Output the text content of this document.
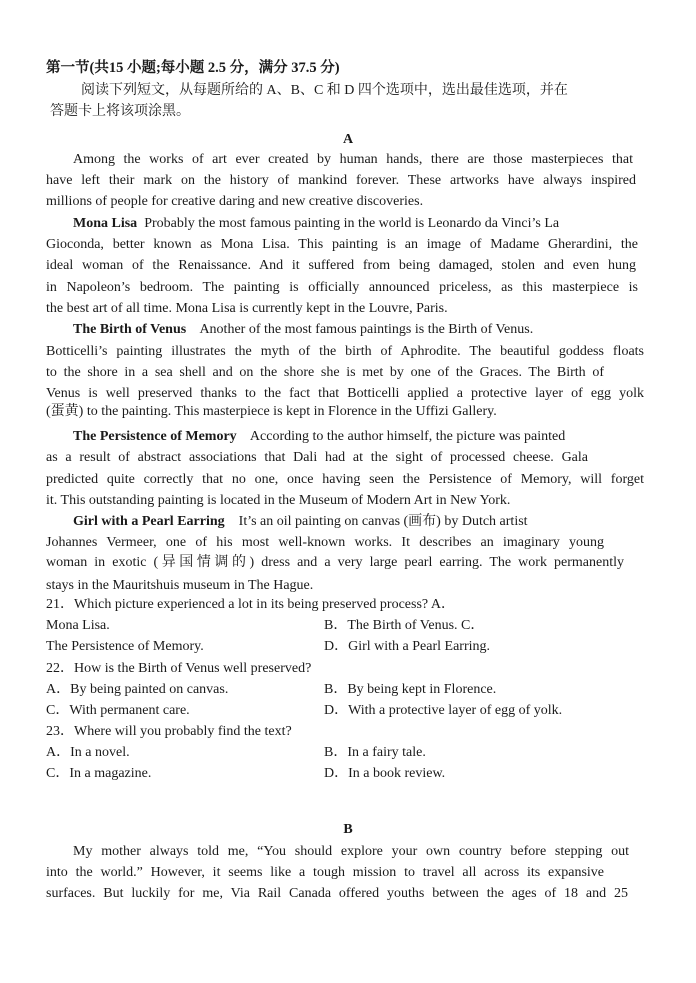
第一节(共15 小题;每小题 2.5 分，满分 37.5 分)
阅读下列短文，从每题所给的 A、B、C 和 D 四个选项中，选出最佳选项，并在
答题卡上将该项涂黑。
A
Among the works of art ever created by human hands, there are those masterpieces that
have left their mark on the history of mankind forever. These artworks have always inspired
millions of people for creative daring and new creative discoveries.
Mona Lisa Probably the most famous painting in the world is Leonardo da Vinci’s La
Gioconda, better known as Mona Lisa. This painting is an image of Madame Gherardini, the
ideal woman of the Renaissance. And it suffered from being damaged, stolen and even hung
in Napoleon’s bedroom. The painting is officially announced priceless, as this masterpiece is
the best art of all time. Mona Lisa is currently kept in the Louvre, Paris.
The Birth of Venus Another of the most famous paintings is the Birth of Venus.
Botticelli’s painting illustrates the myth of the birth of Aphrodite. The beautiful goddess floats
to the shore in a sea shell and on the shore she is met by one of the Graces. The Birth of
Venus is well preserved thanks to the fact that Botticelli applied a protective layer of egg yolk
(蛋黄) to the painting. This masterpiece is kept in Florence in the Uffizi Gallery.
The Persistence of Memory According to the author himself, the picture was painted
as a result of abstract associations that Dali had at the sight of processed cheese. Gala
predicted quite correctly that no one, once having seen the Persistence of Memory, will forget
it. This outstanding painting is located in the Museum of Modern Art in New York.
Girl with a Pearl Earring It’s an oil painting on canvas (画布) by Dutch artist
Johannes Vermeer, one of his most well-known works. It describes an imaginary young
woman in exotic (异国情调的) dress and a very large pearl earring. The work permanently
stays in the Mauritshuis museum in The Hague.
21．Which picture experienced a lot in its being preserved process? A．
Mona Lisa.	B．The Birth of Venus. C．
The Persistence of Memory.	D．Girl with a Pearl Earring.
22．How is the Birth of Venus well preserved?
A．By being painted on canvas.	B．By being kept in Florence.
C．With permanent care.	D．With a protective layer of egg of yolk.
23．Where will you probably find the text?
A．In a novel.	B．In a fairy tale.
C．In a magazine.	D．In a book review.
B
My mother always told me, “You should explore your own country before stepping out
into the world.” However, it seems like a tough mission to travel all across its expansive
surfaces. But luckily for me, Via Rail Canada offered youths between the ages of 18 and 25
